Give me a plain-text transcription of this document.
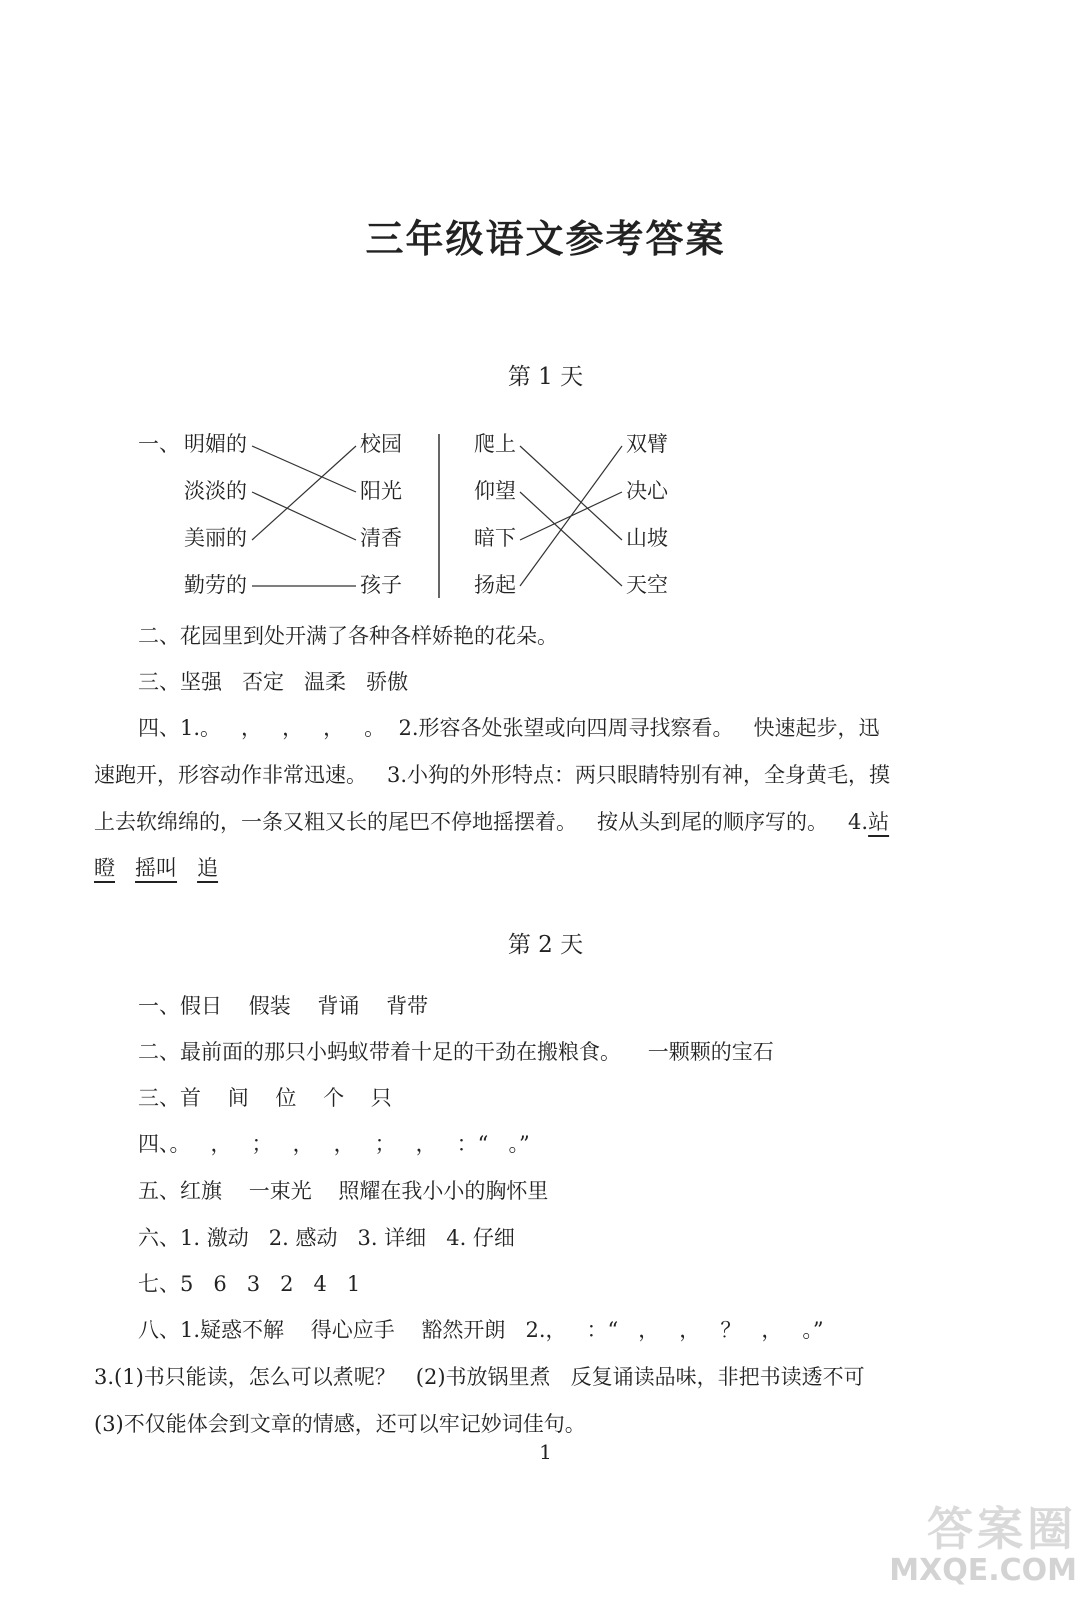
三年级语文参考答案
第 1 天
一、 明媚的
淡淡的
美丽的
勤劳的
校园
阳光
清香
孩子
爬上
仰望
暗下
扬起
双臂
决心
山坡
天空
二、花园里到处开满了各种各样娇艳的花朵。
三、坚强   否定   温柔   骄傲
四、1.。   ，   ，   ，   。  2.形容各处张望或向四周寻找察看。   快速起步，迅
速跑开，形容动作非常迅速。   3.小狗的外形特点：两只眼睛特别有神，全身黄毛，摸
上去软绵绵的，一条又粗又长的尾巴不停地摇摆着。   按从头到尾的顺序写的。   4.站
瞪 摇叫 追
第 2 天
一、假日    假装    背诵    背带
二、最前面的那只小蚂蚁带着十足的干劲在搬粮食。    一颗颗的宝石
三、首    间    位    个    只
四、。   ，   ；   ，   ，   ；   ，   ：“   。”
五、红旗    一束光    照耀在我小小的胸怀里
六、1. 激动   2. 感动   3. 详细   4. 仔细
七、5   6   3   2   4   1
八、1.疑惑不解    得心应手    豁然开朗   2.，   ：“   ，   ，   ？   ，   。”
3.(1)书只能读，怎么可以煮呢？   (2)书放锅里煮   反复诵读品味，非把书读透不可
(3)不仅能体会到文章的情感，还可以牢记妙词佳句。
1
答案圈
MXQE.COM
